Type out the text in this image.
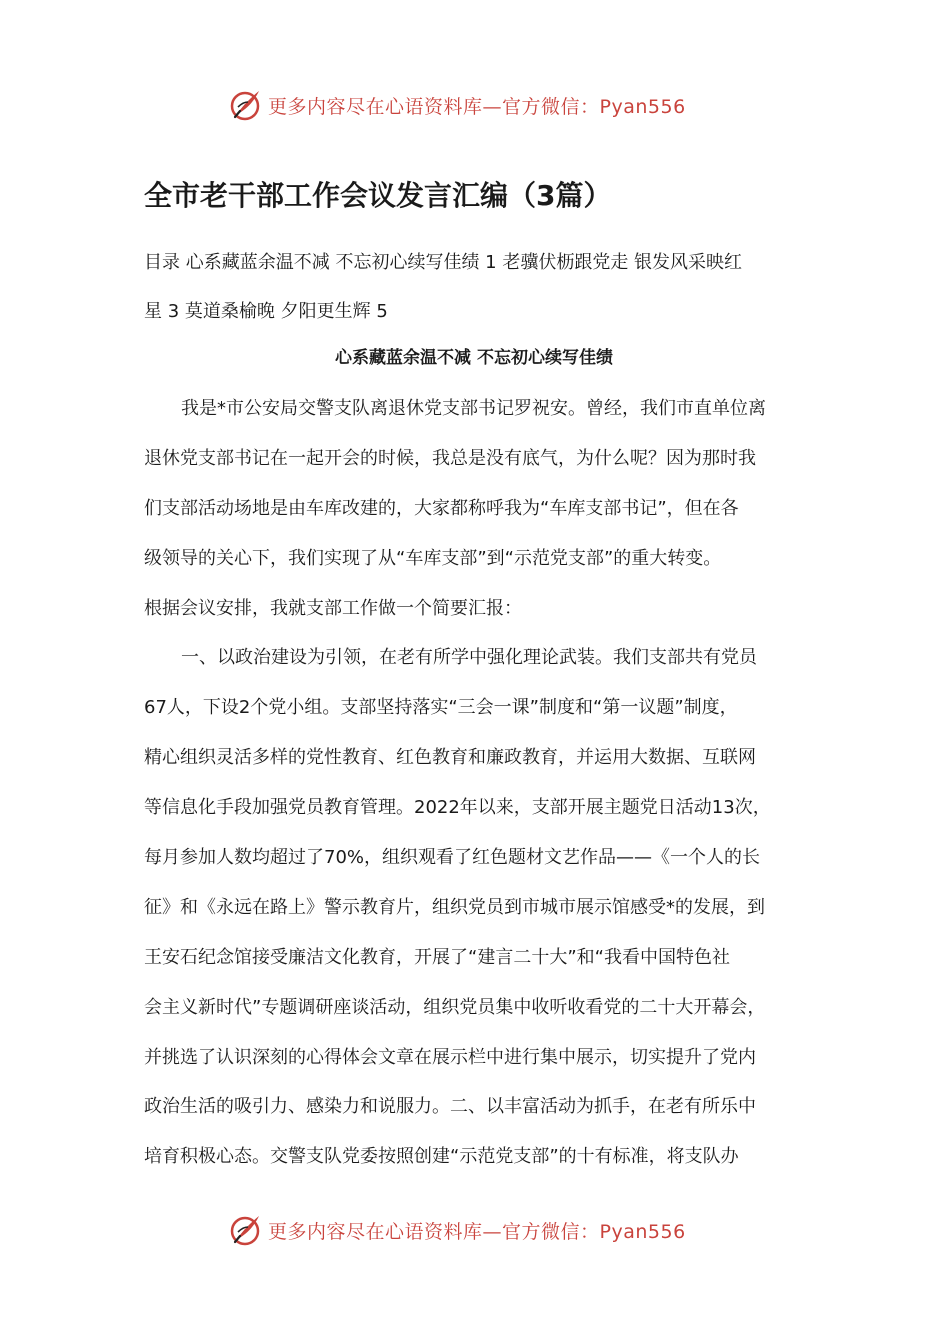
更多内容尽在心语资料库—官方微信：Pyan556
全市老干部工作会议发言汇编（3篇）
目录 心系藏蓝余温不减 不忘初心续写佳绩 1 老骥伏枥跟党走 银发风采映红
星 3 莫道桑榆晚 夕阳更生辉 5
心系藏蓝余温不减 不忘初心续写佳绩
我是*市公安局交警支队离退休党支部书记罗祝安。曾经，我们市直单位离
退休党支部书记在一起开会的时候，我总是没有底气，为什么呢？因为那时我
们支部活动场地是由车库改建的，大家都称呼我为“车库支部书记”，但在各
级领导的关心下，我们实现了从“车库支部”到“示范党支部”的重大转变。
根据会议安排，我就支部工作做一个简要汇报：
一、以政治建设为引领，在老有所学中强化理论武装。我们支部共有党员
67人，下设2个党小组。支部坚持落实“三会一课”制度和“第一议题”制度，
精心组织灵活多样的党性教育、红色教育和廉政教育，并运用大数据、互联网
等信息化手段加强党员教育管理。2022年以来，支部开展主题党日活动13次，
每月参加人数均超过了70%，组织观看了红色题材文艺作品——《一个人的长
征》和《永远在路上》警示教育片，组织党员到市城市展示馆感受*的发展，到
王安石纪念馆接受廉洁文化教育，开展了“建言二十大”和“我看中国特色社
会主义新时代”专题调研座谈活动，组织党员集中收听收看党的二十大开幕会，
并挑选了认识深刻的心得体会文章在展示栏中进行集中展示，切实提升了党内
政治生活的吸引力、感染力和说服力。二、以丰富活动为抓手，在老有所乐中
培育积极心态。交警支队党委按照创建“示范党支部”的十有标准，将支队办
更多内容尽在心语资料库—官方微信：Pyan556
